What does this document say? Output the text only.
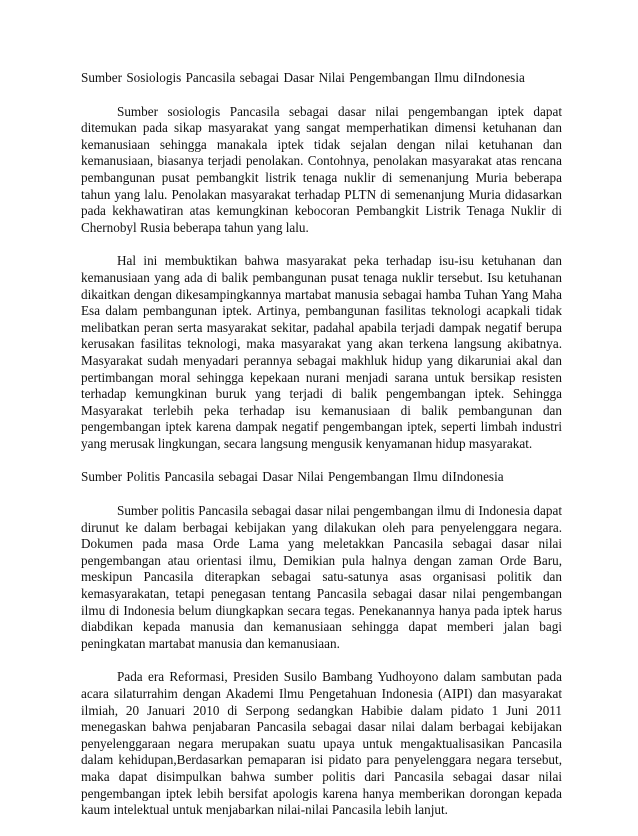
Sumber Sosiologis Pancasila sebagai Dasar Nilai Pengembangan Ilmu diIndonesia

Sumber sosiologis Pancasila sebagai dasar nilai pengembangan iptek dapat ditemukan pada sikap masyarakat yang sangat memperhatikan dimensi ketuhanan dan kemanusiaan sehingga manakala iptek tidak sejalan dengan nilai ketuhanan dan kemanusiaan, biasanya terjadi penolakan. Contohnya, penolakan masyarakat atas rencana pembangunan pusat pembangkit listrik tenaga nuklir di semenanjung Muria beberapa tahun yang lalu. Penolakan masyarakat terhadap PLTN di semenanjung Muria didasarkan pada kekhawatiran atas kemungkinan kebocoran Pembangkit Listrik Tenaga Nuklir di Chernobyl Rusia beberapa tahun yang lalu.

Hal ini membuktikan bahwa masyarakat peka terhadap isu-isu ketuhanan dan kemanusiaan yang ada di balik pembangunan pusat tenaga nuklir tersebut. Isu ketuhanan dikaitkan dengan dikesampingkannya martabat manusia sebagai hamba Tuhan Yang Maha Esa dalam pembangunan iptek. Artinya, pembangunan fasilitas teknologi acapkali tidak melibatkan peran serta masyarakat sekitar, padahal apabila terjadi dampak negatif berupa kerusakan fasilitas teknologi, maka masyarakat yang akan terkena langsung akibatnya. Masyarakat sudah menyadari perannya sebagai makhluk hidup yang dikaruniai akal dan pertimbangan moral sehingga kepekaan nurani menjadi sarana untuk bersikap resisten terhadap kemungkinan buruk yang terjadi di balik pengembangan iptek. Sehingga Masyarakat terlebih peka terhadap isu kemanusiaan di balik pembangunan dan pengembangan iptek karena dampak negatif pengembangan iptek, seperti limbah industri yang merusak lingkungan, secara langsung mengusik kenyamanan hidup masyarakat.

Sumber Politis Pancasila sebagai Dasar Nilai Pengembangan Ilmu diIndonesia

Sumber politis Pancasila sebagai dasar nilai pengembangan ilmu di Indonesia dapat dirunut ke dalam berbagai kebijakan yang dilakukan oleh para penyelenggara negara. Dokumen pada masa Orde Lama yang meletakkan Pancasila sebagai dasar nilai pengembangan atau orientasi ilmu, Demikian pula halnya dengan zaman Orde Baru, meskipun Pancasila diterapkan sebagai satu-satunya asas organisasi politik dan kemasyarakatan, tetapi penegasan tentang Pancasila sebagai dasar nilai pengembangan ilmu di Indonesia belum diungkapkan secara tegas. Penekanannya hanya pada iptek harus diabdikan kepada manusia dan kemanusiaan sehingga dapat memberi jalan bagi peningkatan martabat manusia dan kemanusiaan.

Pada era Reformasi, Presiden Susilo Bambang Yudhoyono dalam sambutan pada acara silaturrahim dengan Akademi Ilmu Pengetahuan Indonesia (AIPI) dan masyarakat ilmiah, 20 Januari 2010 di Serpong sedangkan Habibie dalam pidato 1 Juni 2011 menegaskan bahwa penjabaran Pancasila sebagai dasar nilai dalam berbagai kebijakan penyelenggaraan negara merupakan suatu upaya untuk mengaktualisasikan Pancasila dalam kehidupan,Berdasarkan pemaparan isi pidato para penyelenggara negara tersebut, maka dapat disimpulkan bahwa sumber politis dari Pancasila sebagai dasar nilai pengembangan iptek lebih bersifat apologis karena hanya memberikan dorongan kepada kaum intelektual untuk menjabarkan nilai-nilai Pancasila lebih lanjut.
